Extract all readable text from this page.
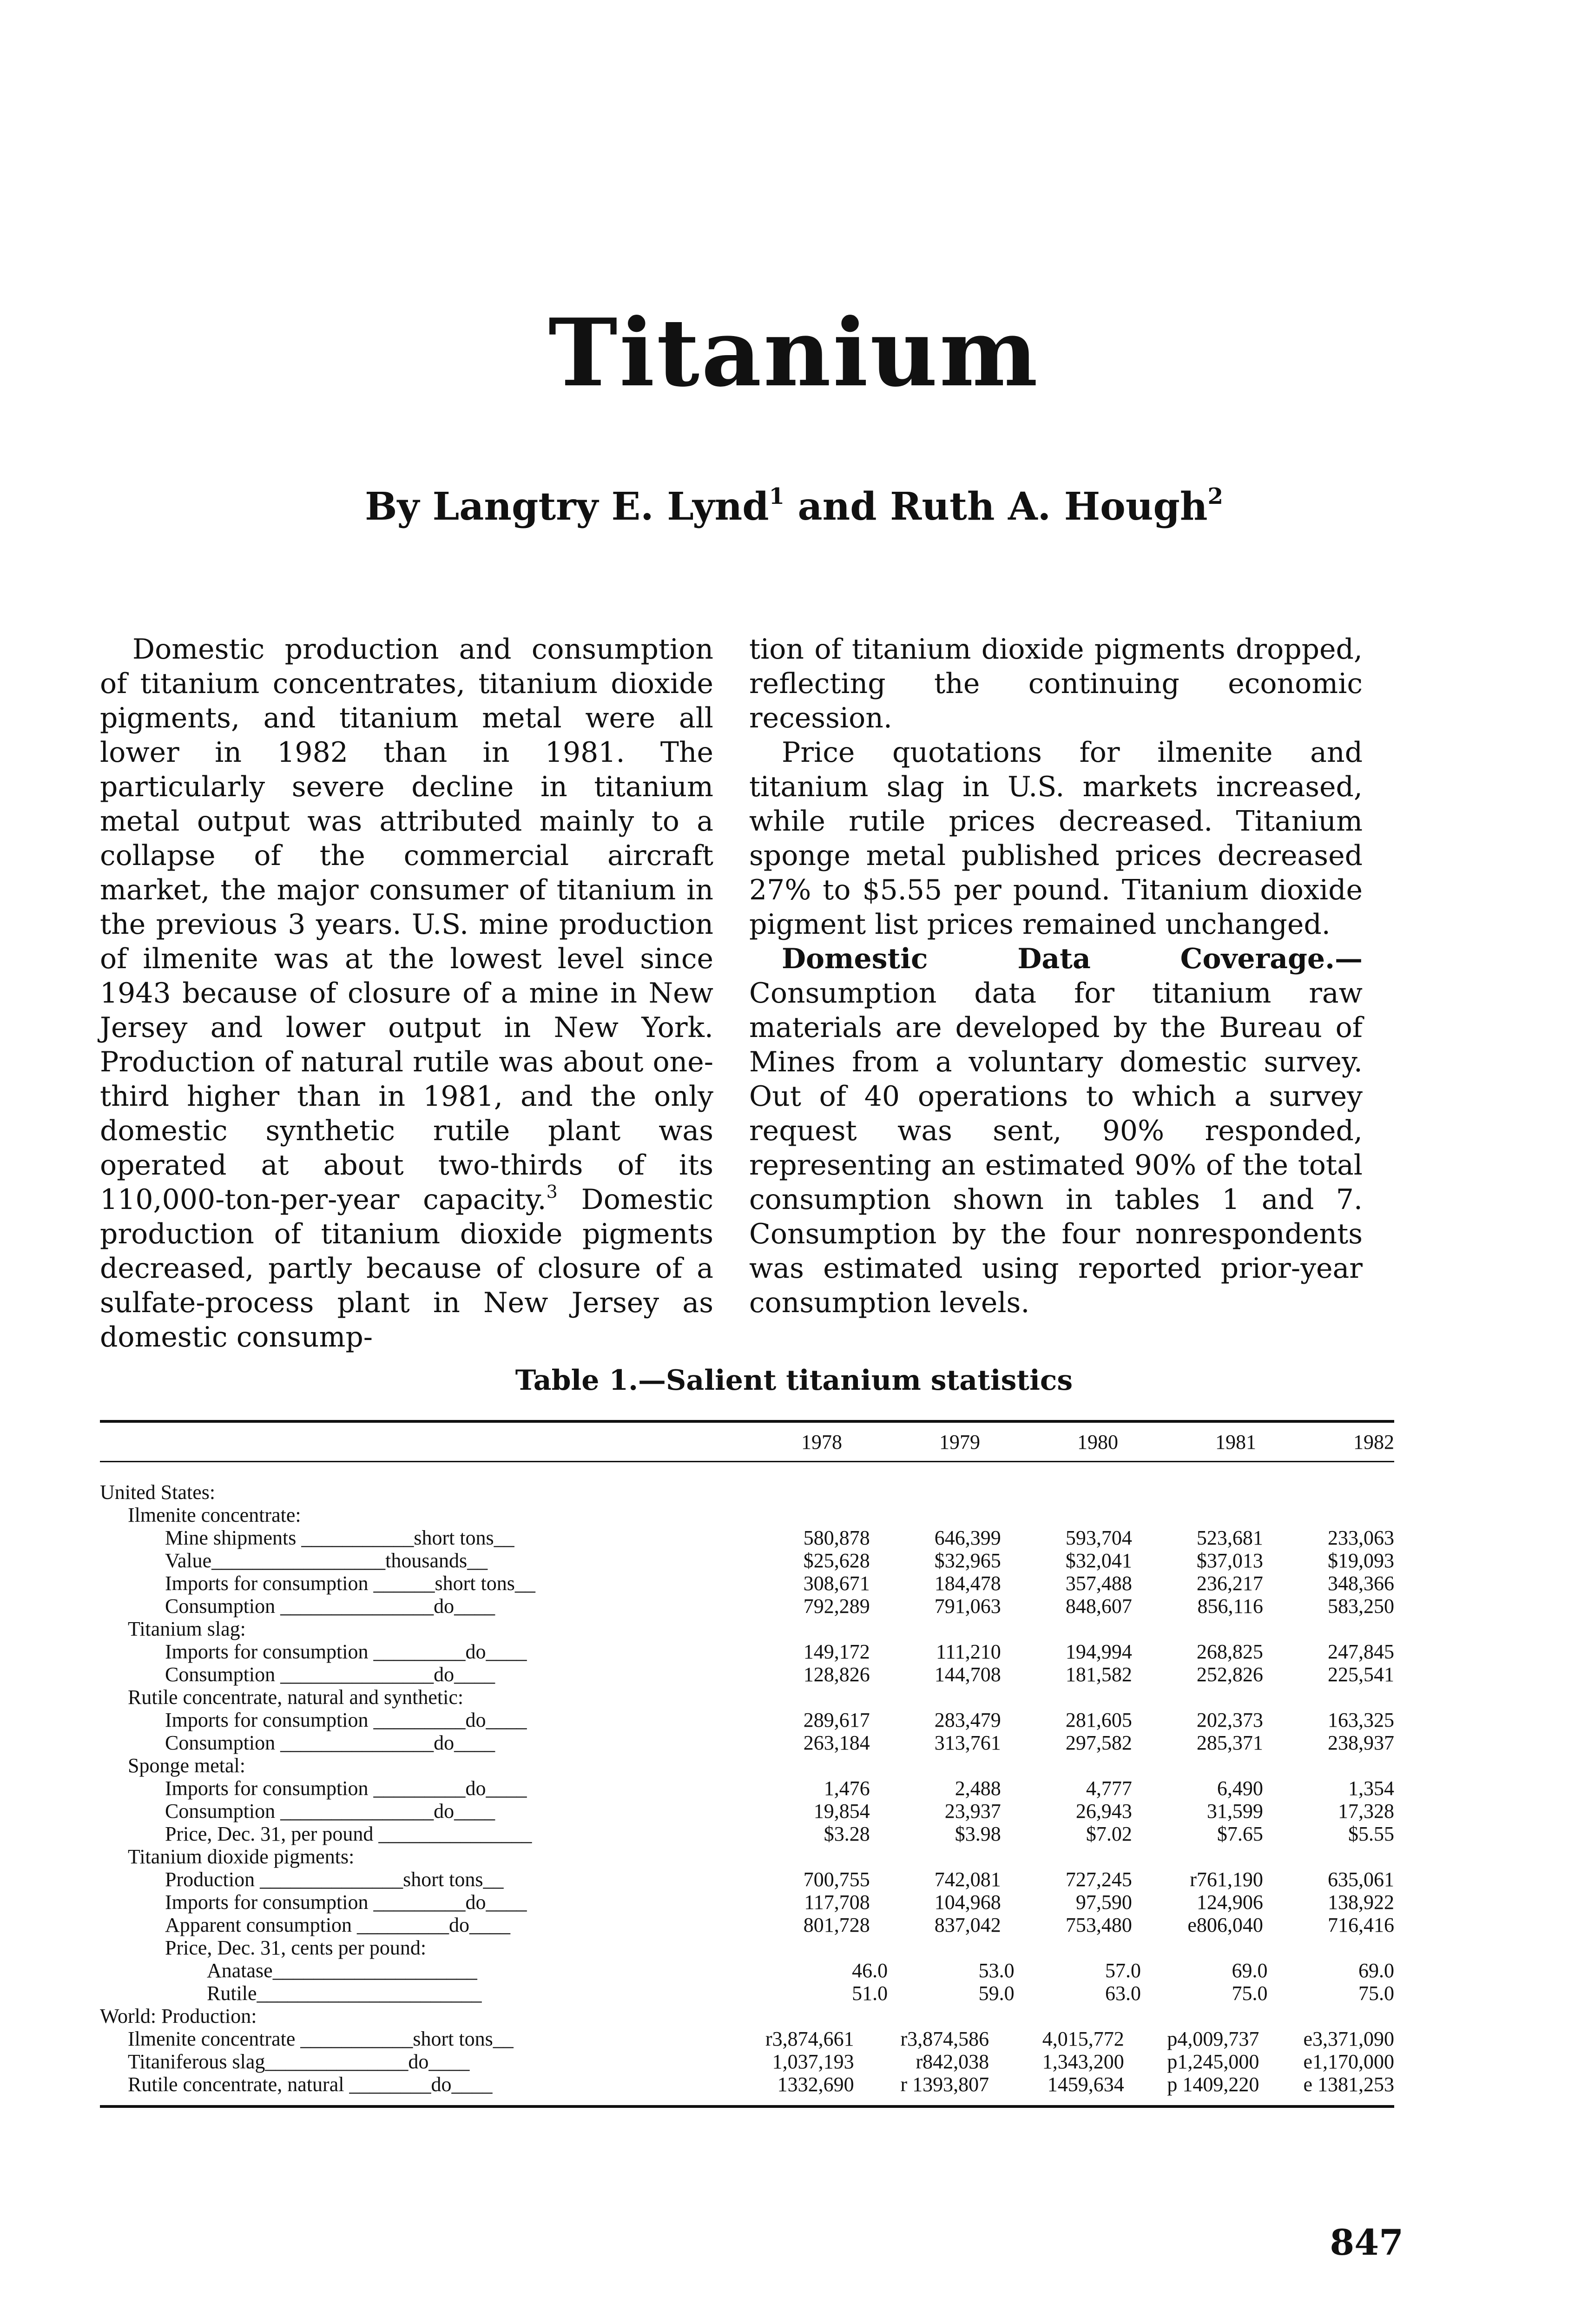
Titanium
By Langtry E. Lynd$^1$ and Ruth A. Hough$^2$

Domestic production and consumption of titanium concentrates, titanium dioxide pigments, and titanium metal were all lower in 1982 than in 1981. The particularly severe decline in titanium metal output was attributed mainly to a collapse of the commercial aircraft market, the major consumer of titanium in the previous 3 years. U.S. mine production of ilmenite was at the lowest level since 1943 because of closure of a mine in New Jersey and lower output in New York. Production of natural rutile was about one-third higher than in 1981, and the only domestic synthetic rutile plant was operated at about two-thirds of its 110,000-ton-per-year capacity.$^3$ Domestic production of titanium dioxide pigments decreased, partly because of closure of a sulfate-process plant in New Jersey as domestic consump-

tion of titanium dioxide pigments dropped, reflecting the continuing economic recession.

Price quotations for ilmenite and titanium slag in U.S. markets increased, while rutile prices decreased. Titanium sponge metal published prices decreased 27% to $5.55 per pound. Titanium dioxide pigment list prices remained unchanged.

Domestic Data Coverage.—Consumption data for titanium raw materials are developed by the Bureau of Mines from a voluntary domestic survey. Out of 40 operations to which a survey request was sent, 90% responded, representing an estimated 90% of the total consumption shown in tables 1 and 7. Consumption by the four nonrespondents was estimated using reported prior-year consumption levels.

Table 1.—Salient titanium statistics
1978	1979	1980	1981	1982
United States:
Ilmenite concentrate:
Mine shipments ___________short tons__	580,878	646,399	593,704	523,681	233,063
Value_________________thousands__	$25,628	$32,965	$32,041	$37,013	$19,093
Imports for consumption ______short tons__	308,671	184,478	357,488	236,217	348,366
Consumption _______________do____	792,289	791,063	848,607	856,116	583,250
Titanium slag:
Imports for consumption _________do____	149,172	111,210	194,994	268,825	247,845
Consumption _______________do____	128,826	144,708	181,582	252,826	225,541
Rutile concentrate, natural and synthetic:
Imports for consumption _________do____	289,617	283,479	281,605	202,373	163,325
Consumption _______________do____	263,184	313,761	297,582	285,371	238,937
Sponge metal:
Imports for consumption _________do____	1,476	2,488	4,777	6,490	1,354
Consumption _______________do____	19,854	23,937	26,943	31,599	17,328
Price, Dec. 31, per pound _______________	$3.28	$3.98	$7.02	$7.65	$5.55
Titanium dioxide pigments:
Production ______________short tons__	700,755	742,081	727,245	r761,190	635,061
Imports for consumption _________do____	117,708	104,968	97,590	124,906	138,922
Apparent consumption _________do____	801,728	837,042	753,480	e806,040	716,416
Price, Dec. 31, cents per pound:
Anatase____________________	46.0	53.0	57.0	69.0	69.0
Rutile______________________	51.0	59.0	63.0	75.0	75.0
World: Production:
Ilmenite concentrate ___________short tons__	r3,874,661	r3,874,586	4,015,772	p4,009,737	e3,371,090
Titaniferous slag______________do____	1,037,193	r842,038	1,343,200	p1,245,000	e1,170,000
Rutile concentrate, natural ________do____	1332,690	r 1393,807	1459,634	p 1409,220	e 1381,253
847
